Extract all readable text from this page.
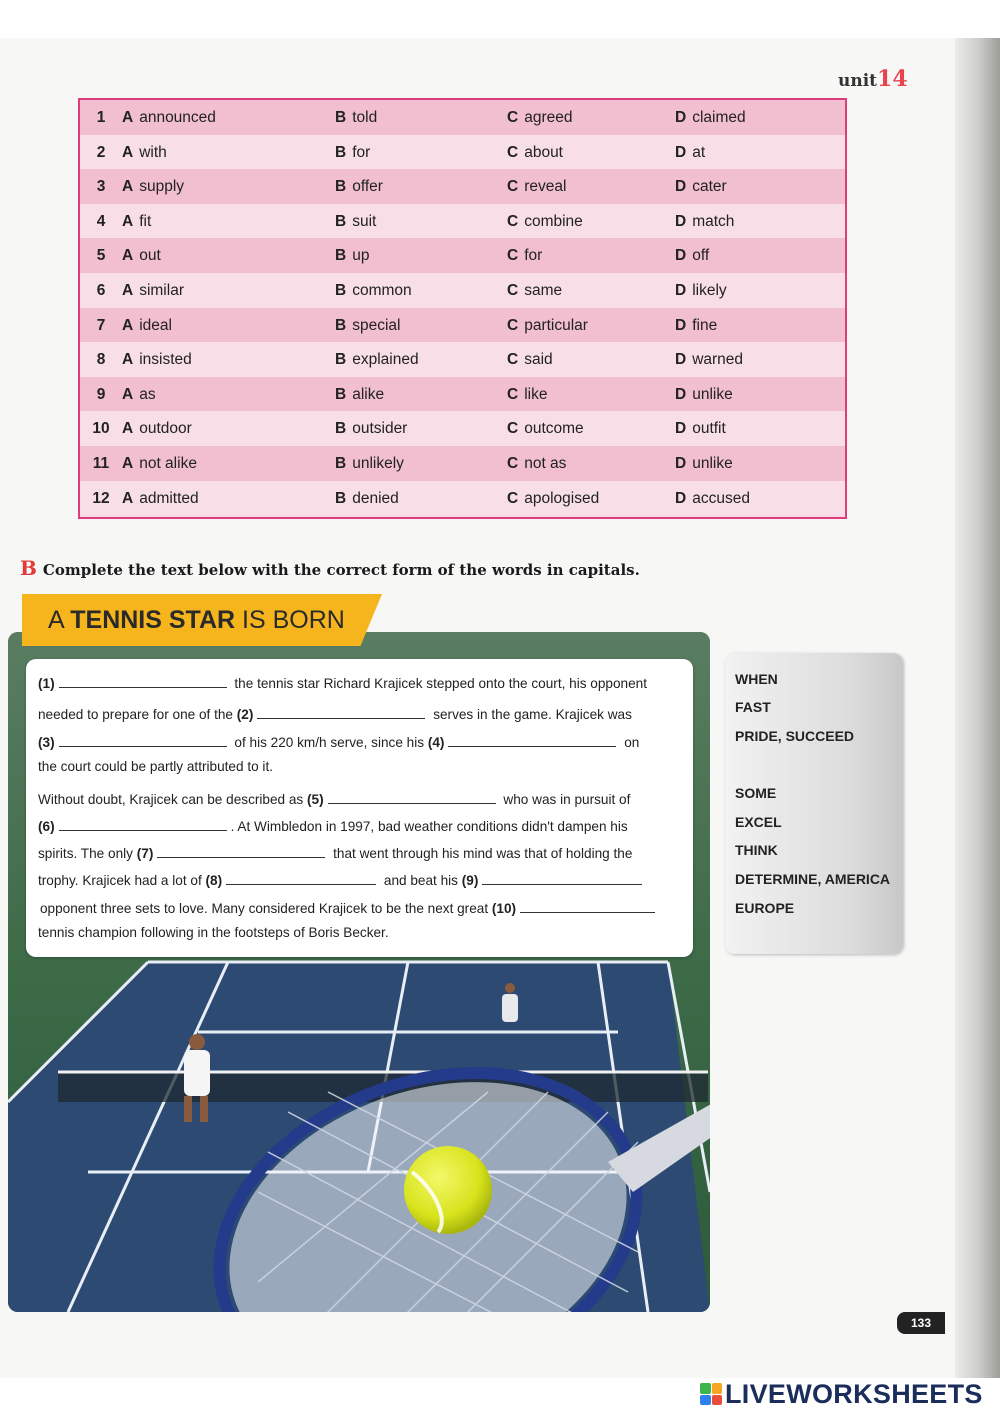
unit14
1	A announced	B told	C agreed	D claimed
2	A with	B for	C about	D at
3	A supply	B offer	C reveal	D cater
4	A fit	B suit	C combine	D match
5	A out	B up	C for	D off
6	A similar	B common	C same	D likely
7	A ideal	B special	C particular	D fine
8	A insisted	B explained	C said	D warned
9	A as	B alike	C like	D unlike
10 A outdoor	B outsider	C outcome	D outfit
11 A not alike	B unlikely	C not as	D unlike
12 A admitted	B denied	C apologised	D accused
B Complete the text below with the correct form of the words in capitals.
A TENNIS STAR IS BORN
(1)	the tennis star Richard Krajicek stepped onto the court, his opponent
needed to prepare for one of the (2)	serves in the game. Krajicek was
(3)	of his 220 km/h serve, since his (4)	on
the court could be partly attributed to it.
Without doubt, Krajicek can be described as (5)	who was in pursuit of
(6)	. At Wimbledon in 1997, bad weather conditions didn't dampen his
spirits. The only (7)	that went through his mind was that of holding the
trophy. Krajicek had a lot of (8)	and beat his (9)
opponent three sets to love. Many considered Krajicek to be the next great (10)
tennis champion following in the footsteps of Boris Becker.
WHEN
FAST
PRIDE, SUCCEED
SOME
EXCEL
THINK
DETERMINE, AMERICA
EUROPE
133
LIVEWORKSHEETS
